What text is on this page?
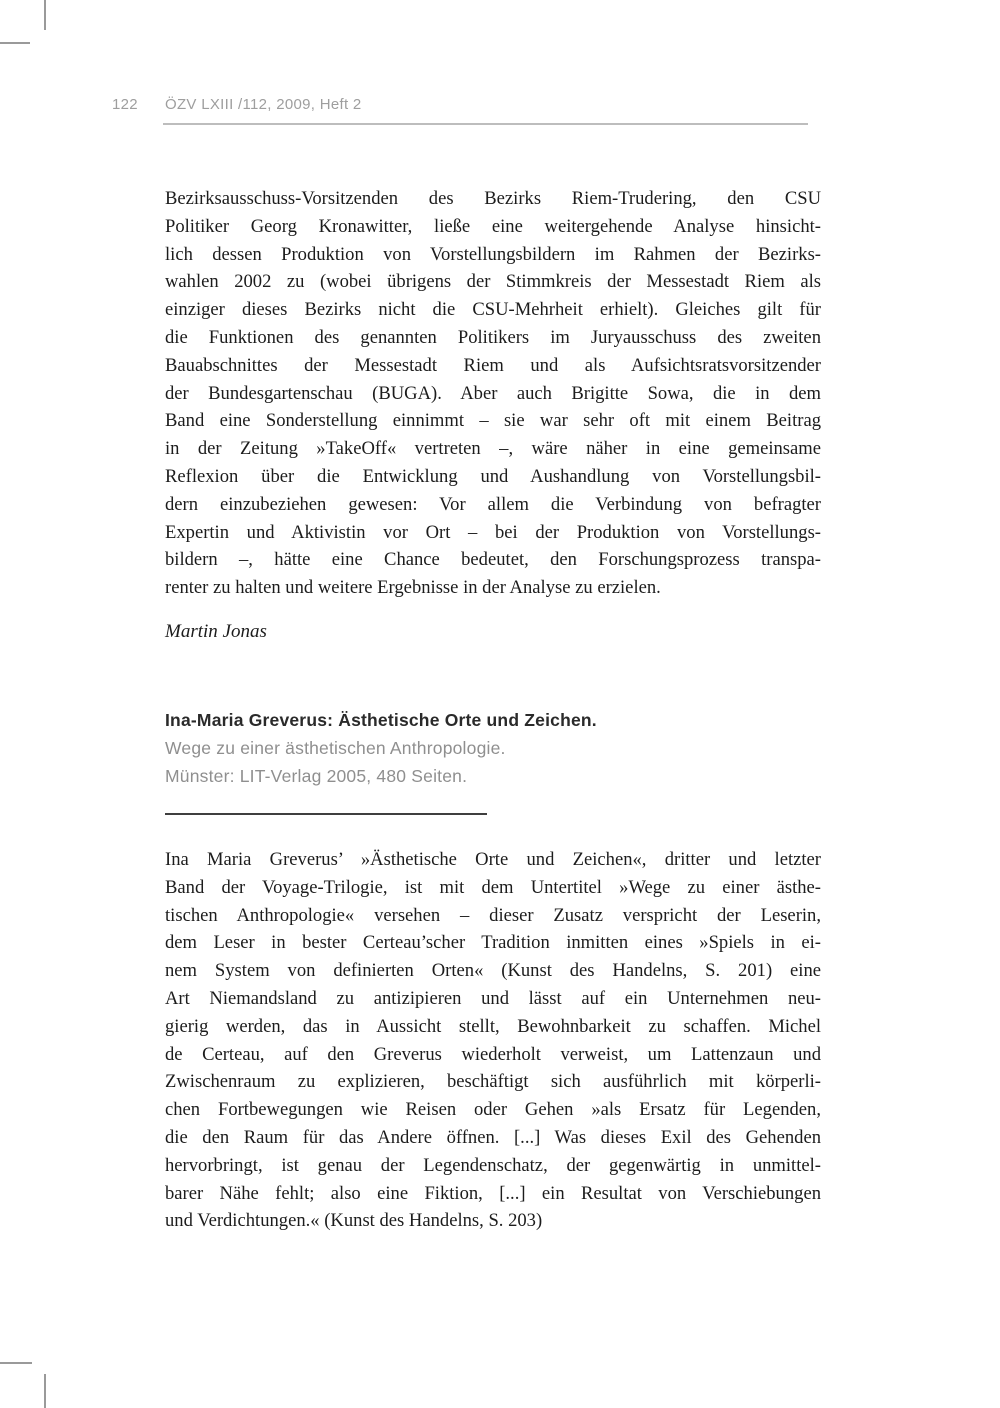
122 ÖZV LXIII /112, 2009, Heft 2
Bezirksausschuss-Vorsitzenden des Bezirks Riem-Trudering, den CSU
Politiker Georg Kronawitter, ließe eine weitergehende Analyse hinsicht-
lich dessen Produktion von Vorstellungsbildern im Rahmen der Bezirks-
wahlen 2002 zu (wobei übrigens der Stimmkreis der Messestadt Riem als
einziger dieses Bezirks nicht die CSU-Mehrheit erhielt). Gleiches gilt für
die Funktionen des genannten Politikers im Juryausschuss des zweiten
Bauabschnittes der Messestadt Riem und als Aufsichtsratsvorsitzender
der Bundesgartenschau (BUGA). Aber auch Brigitte Sowa, die in dem
Band eine Sonderstellung einnimmt – sie war sehr oft mit einem Beitrag
in der Zeitung »TakeOff« vertreten –, wäre näher in eine gemeinsame
Reflexion über die Entwicklung und Aushandlung von Vorstellungsbil-
dern einzubeziehen gewesen: Vor allem die Verbindung von befragter
Expertin und Aktivistin vor Ort – bei der Produktion von Vorstellungs-
bildern –, hätte eine Chance bedeutet, den Forschungsprozess transpa-
renter zu halten und weitere Ergebnisse in der Analyse zu erzielen.
Martin Jonas
Ina-Maria Greverus: Ästhetische Orte und Zeichen.
Wege zu einer ästhetischen Anthropologie.
Münster: LIT-Verlag 2005, 480 Seiten.
Ina Maria Greverus’ »Ästhetische Orte und Zeichen«, dritter und letzter
Band der Voyage-Trilogie, ist mit dem Untertitel »Wege zu einer ästhe-
tischen Anthropologie« versehen – dieser Zusatz verspricht der Leserin,
dem Leser in bester Certeau’scher Tradition inmitten eines »Spiels in ei-
nem System von definierten Orten« (Kunst des Handelns, S. 201) eine
Art Niemandsland zu antizipieren und lässt auf ein Unternehmen neu-
gierig werden, das in Aussicht stellt, Bewohnbarkeit zu schaffen. Michel
de Certeau, auf den Greverus wiederholt verweist, um Lattenzaun und
Zwischenraum zu explizieren, beschäftigt sich ausführlich mit körperli-
chen Fortbewegungen wie Reisen oder Gehen »als Ersatz für Legenden,
die den Raum für das Andere öffnen. [...] Was dieses Exil des Gehenden
hervorbringt, ist genau der Legendenschatz, der gegenwärtig in unmittel-
barer Nähe fehlt; also eine Fiktion, [...] ein Resultat von Verschiebungen
und Verdichtungen.« (Kunst des Handelns, S. 203)
